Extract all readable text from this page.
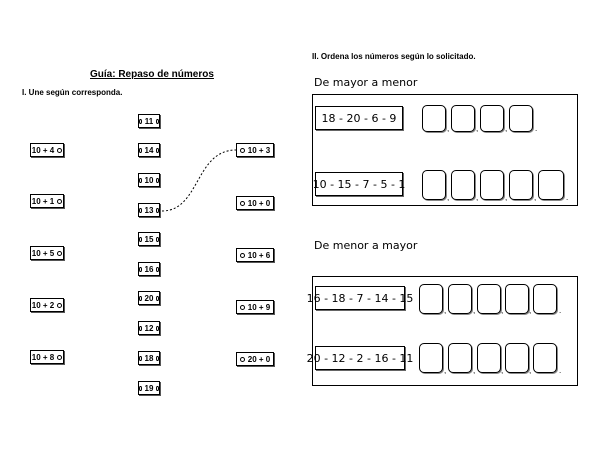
Guía: Repaso de números
I. Une según corresponda.
II. Ordena los números según lo solicitado.
10 + 4
10 + 1
10 + 5
10 + 2
10 + 8
11
14
10
13
15
16
20
12
18
19
10 + 3
10 + 0
10 + 6
10 + 9
20 + 0
De mayor a menor
18 - 20 - 6 - 9
,	,	,	.
10 - 15 - 7 - 5 - 1
,	,	,	,	.
De menor a mayor
16 - 18 - 7 - 14 - 15
,	,	,	,	.
20 - 12 - 2 - 16 - 11
,	,	,	,	.
